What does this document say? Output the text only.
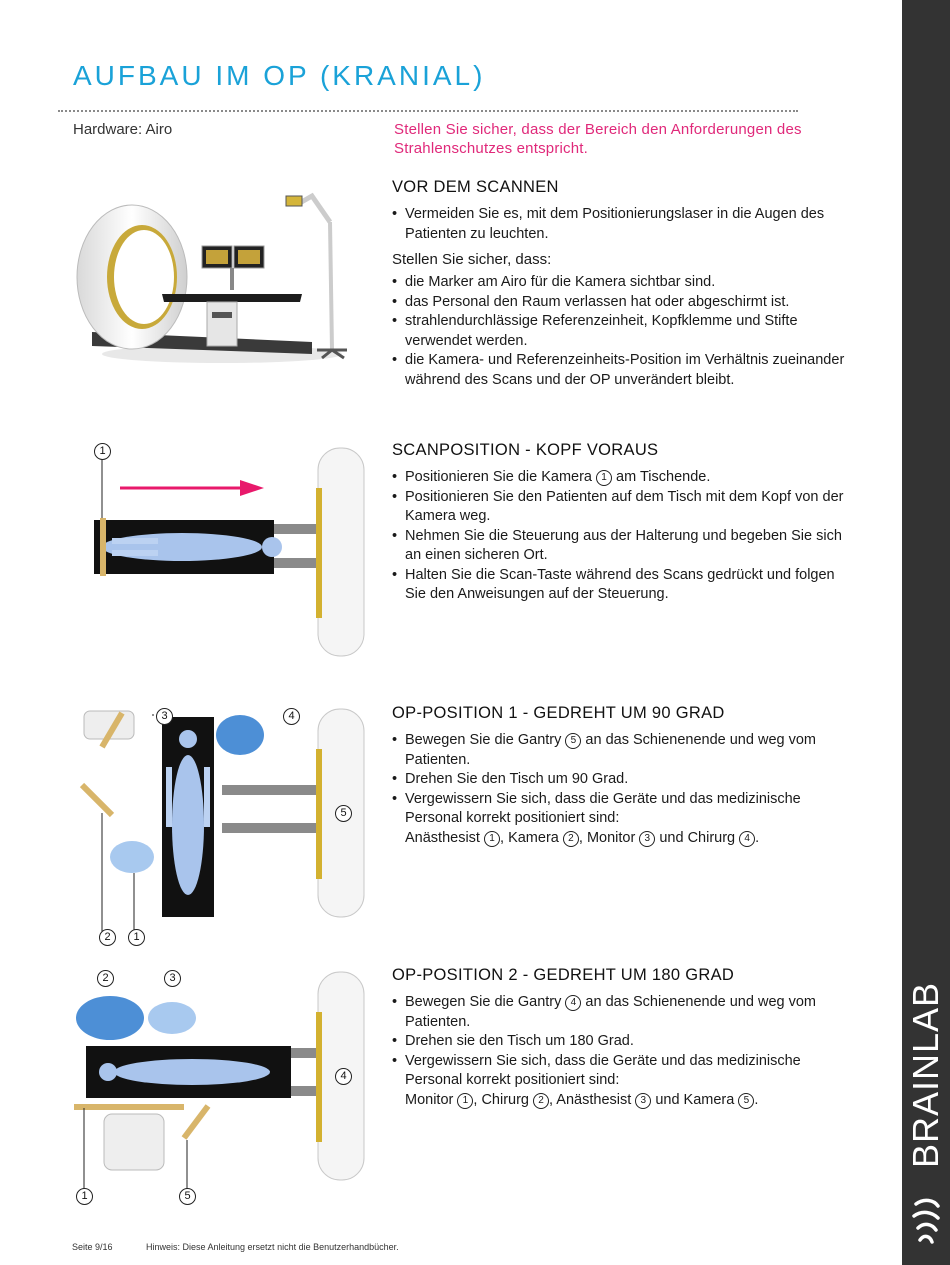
BRAINLAB
AUFBAU IM OP (KRANIAL)
Hardware: Airo	Stellen Sie sicher, dass der Bereich den Anforderungen des Strahlenschutzes entspricht.
VOR DEM SCANNEN
• Vermeiden Sie es, mit dem Positionierungslaser in die Augen des Patienten zu leuchten.

Stellen Sie sicher, dass:

• die Marker am Airo für die Kamera sichtbar sind.
• das Personal den Raum verlassen hat oder abgeschirmt ist.
• strahlendurchlässige Referenzeinheit, Kopfklemme und Stifte verwendet werden.
• die Kamera- und Referenzeinheits-Position im Verhältnis zueinander während des Scans und der OP unverändert bleibt.
1	SCANPOSITION - KOPF VORAUS
• Positionieren Sie die Kamera 1 am Tischende.
• Positionieren Sie den Patienten auf dem Tisch mit dem Kopf von der Kamera weg.
• Nehmen Sie die Steuerung aus der Halterung und begeben Sie sich an einen sicheren Ort.
• Halten Sie die Scan-Taste während des Scans gedrückt und folgen Sie den Anweisungen auf der Steuerung.
3	4
5
2	1
OP-POSITION 1 - GEDREHT UM 90 GRAD
• Bewegen Sie die Gantry 5 an das Schienenende und weg vom Patienten.
• Drehen Sie den Tisch um 90 Grad.
• Vergewissern Sie sich, dass die Geräte und das medizinische Personal korrekt positioniert sind:
Anästhesist 1 , Kamera 2 , Monitor 3 und Chirurg 4 .
2	3
4
1	5
OP-POSITION 2 - GEDREHT UM 180 GRAD
• Bewegen Sie die Gantry 4 an das Schienenende und weg vom Patienten.
• Drehen sie den Tisch um 180 Grad.
• Vergewissern Sie sich, dass die Geräte und das medizinische Personal korrekt positioniert sind:
Monitor 1 , Chirurg 2 , Anästhesist 3 und Kamera 5 .
Seite 9/16	Hinweis: Diese Anleitung ersetzt nicht die Benutzerhandbücher.
